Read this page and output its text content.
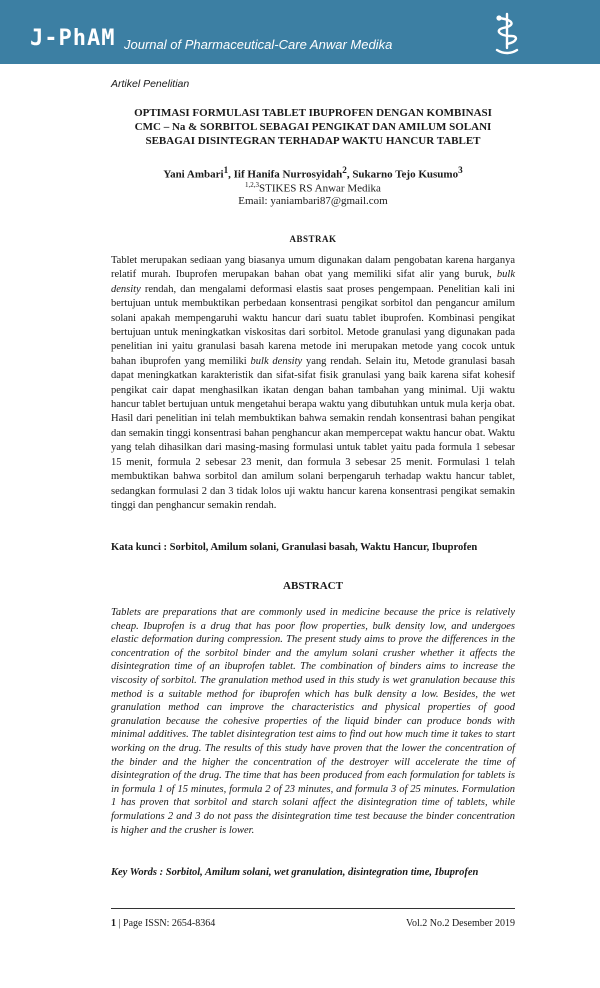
J-PhAM Journal of Pharmaceutical-Care Anwar Medika
Artikel Penelitian
OPTIMASI FORMULASI TABLET IBUPROFEN DENGAN KOMBINASI
CMC – Na & SORBITOL SEBAGAI PENGIKAT DAN AMILUM SOLANI
SEBAGAI DISINTEGRAN TERHADAP WAKTU HANCUR TABLET
Yani Ambari$^1$, Iif Hanifa Nurrosyidah$^2$, Sukarno Tejo Kusumo$^3$
$^{1,2,3}$STIKES RS Anwar Medika
Email: yaniambari87@gmail.com
ABSTRAK
Tablet merupakan sediaan yang biasanya umum digunakan dalam pengobatan karena harganya relatif murah. Ibuprofen merupakan bahan obat yang memiliki sifat alir yang buruk, bulk density rendah, dan mengalami deformasi elastis saat proses pengempaan. Penelitian kali ini bertujuan untuk membuktikan perbedaan konsentrasi pengikat sorbitol dan pengancur amilum solani apakah mempengaruhi waktu hancur dari suatu tablet ibuprofen. Kombinasi pengikat bertujuan untuk meningkatkan viskositas dari sorbitol. Metode granulasi yang digunakan pada penelitian ini yaitu granulasi basah karena metode ini merupakan metode yang cocok untuk bahan ibuprofen yang memiliki bulk density yang rendah. Selain itu, Metode granulasi basah dapat meningkatkan karakteristik dan sifat-sifat fisik granulasi yang baik karena sifat kohesif pengikat cair dapat menghasilkan ikatan dengan bahan tambahan yang minimal. Uji waktu hancur tablet bertujuan untuk mengetahui berapa waktu yang dibutuhkan untuk mula kerja obat. Hasil dari penelitian ini telah membuktikan bahwa semakin rendah konsentrasi bahan pengikat dan semakin tinggi konsentrasi bahan penghancur akan mempercepat waktu hancur obat. Waktu yang telah dihasilkan dari masing-masing formulasi untuk tablet yaitu pada formula 1 sebesar 15 menit, formula 2 sebesar 23 menit, dan formula 3 sebesar 25 menit. Formulasi 1 telah membuktikan bahwa sorbitol dan amilum solani berpengaruh terhadap waktu hancur tablet, sedangkan formulasi 2 dan 3 tidak lolos uji waktu hancur karena konsentrasi pengikat semakin tinggi dan penghancur semakin rendah.
Kata kunci : Sorbitol, Amilum solani, Granulasi basah, Waktu Hancur, Ibuprofen
ABSTRACT
Tablets are preparations that are commonly used in medicine because the price is relatively cheap. Ibuprofen is a drug that has poor flow properties, bulk density low, and undergoes elastic deformation during compression. The present study aims to prove the differences in the concentration of the sorbitol binder and the amylum solani crusher whether it affects the disintegration time of an ibuprofen tablet. The combination of binders aims to increase the viscosity of sorbitol. The granulation method used in this study is wet granulation because this method is a suitable method for ibuprofen which has bulk density a low. Besides, the wet granulation method can improve the characteristics and physical properties of good granulation because the cohesive properties of the liquid binder can produce bonds with minimal additives. The tablet disintegration test aims to find out how much time it takes to start working on the drug. The results of this study have proven that the lower the concentration of the binder and the higher the concentration of the destroyer will accelerate the time of disintegration of the drug. The time that has been produced from each formulation for tablets is in formula 1 of 15 minutes, formula 2 of 23 minutes, and formula 3 of 25 minutes. Formulation 1 has proven that sorbitol and starch solani affect the disintegration time of tablets, while formulations 2 and 3 do not pass the disintegration time test because the binder concentration is higher and the crusher is lower.
Key Words : Sorbitol, Amilum solani, wet granulation, disintegration time, Ibuprofen
1 | Page ISSN: 2654-8364	Vol.2 No.2 Desember 2019
